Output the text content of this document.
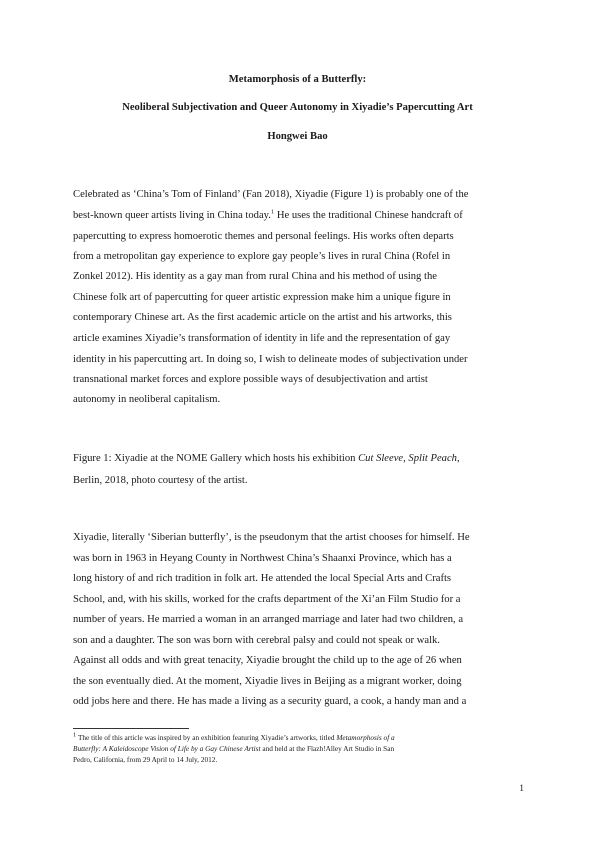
Metamorphosis of a Butterfly:

Neoliberal Subjectivation and Queer Autonomy in Xiyadie’s Papercutting Art

Hongwei Bao

Celebrated as ‘China’s Tom of Finland’ (Fan 2018), Xiyadie (Figure 1) is probably one of the

best-known queer artists living in China today.$^1$ He uses the traditional Chinese handcraft of

papercutting to express homoerotic themes and personal feelings. His works often departs

from a metropolitan gay experience to explore gay people’s lives in rural China (Rofel in

Zonkel 2012). His identity as a gay man from rural China and his method of using the

Chinese folk art of papercutting for queer artistic expression make him a unique figure in

contemporary Chinese art. As the first academic article on the artist and his artworks, this

article examines Xiyadie’s transformation of identity in life and the representation of gay

identity in his papercutting art. In doing so, I wish to delineate modes of subjectivation under

transnational market forces and explore possible ways of desubjectivation and artist

autonomy in neoliberal capitalism.

Figure 1: Xiyadie at the NOME Gallery which hosts his exhibition Cut Sleeve, Split Peach,

Berlin, 2018, photo courtesy of the artist.

Xiyadie, literally ‘Siberian butterfly’, is the pseudonym that the artist chooses for himself. He

was born in 1963 in Heyang County in Northwest China’s Shaanxi Province, which has a

long history of and rich tradition in folk art. He attended the local Special Arts and Crafts

School, and, with his skills, worked for the crafts department of the Xi’an Film Studio for a

number of years. He married a woman in an arranged marriage and later had two children, a

son and a daughter. The son was born with cerebral palsy and could not speak or walk.

Against all odds and with great tenacity, Xiyadie brought the child up to the age of 26 when

the son eventually died. At the moment, Xiyadie lives in Beijing as a migrant worker, doing

odd jobs here and there. He has made a living as a security guard, a cook, a handy man and a

$^1$ The title of this article was inspired by an exhibition featuring Xiyadie’s artworks, titled Metamorphosis of a

Butterfly: A Kaleidoscope Vision of Life by a Gay Chinese Artist and held at the Flazh!Alley Art Studio in San

Pedro, California, from 29 April to 14 July, 2012.

1
